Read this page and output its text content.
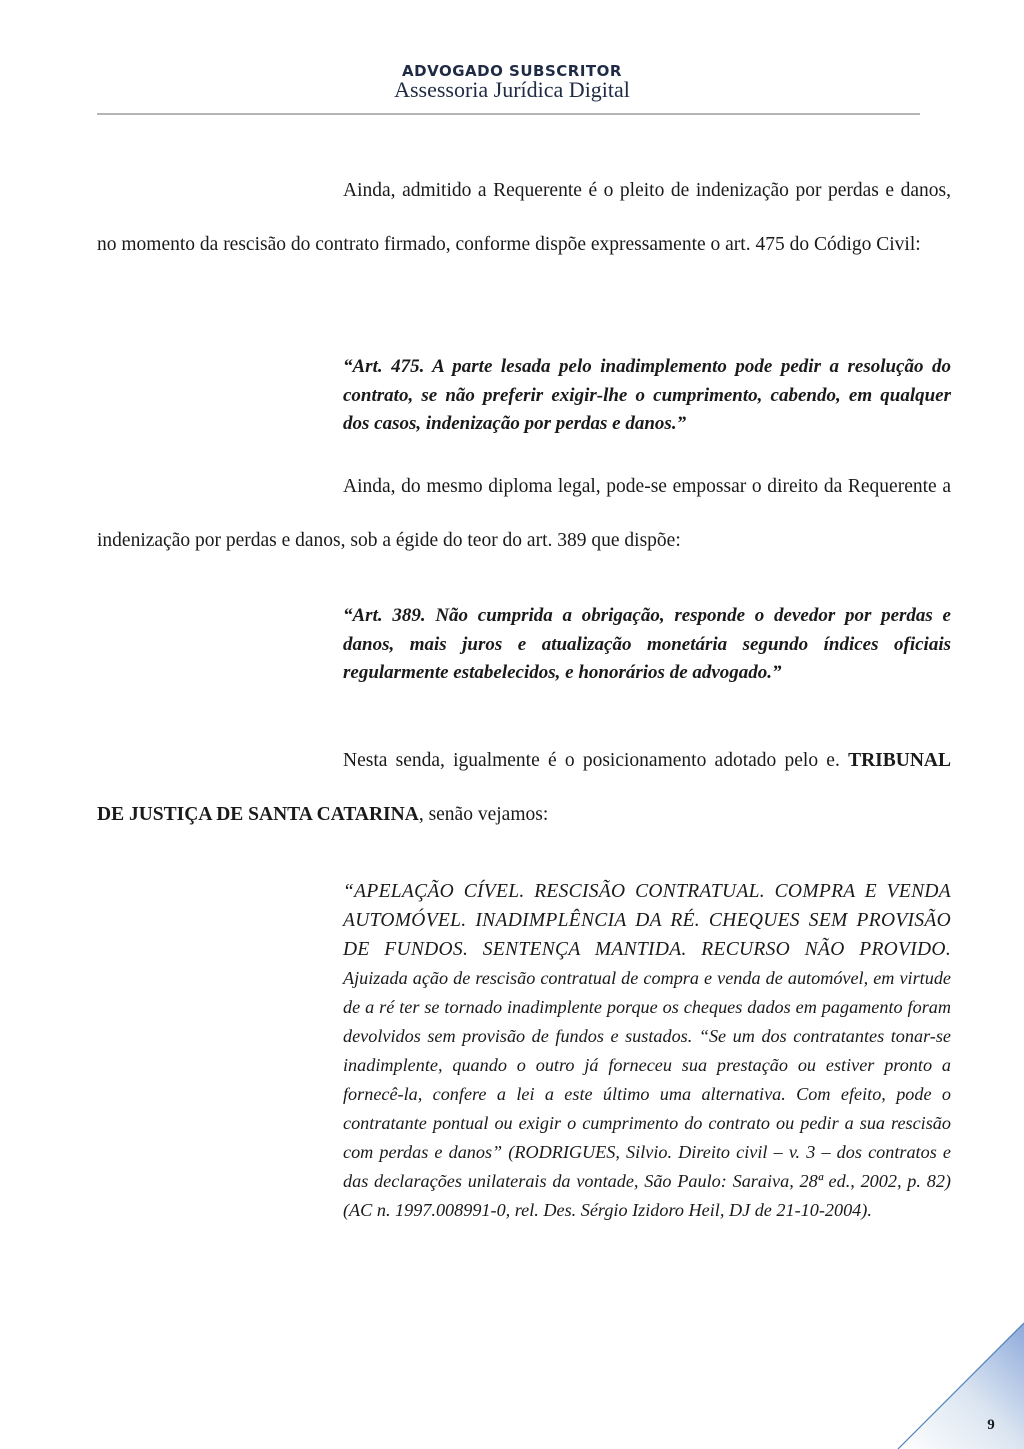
ADVOGADO SUBSCRITOR
Assessoria Jurídica Digital

Ainda, admitido a Requerente é o pleito de indenização por perdas e danos, no momento da rescisão do contrato firmado, conforme dispõe expressamente o art. 475 do Código Civil:

“Art. 475. A parte lesada pelo inadimplemento pode pedir a resolução do contrato, se não preferir exigir-lhe o cumprimento, cabendo, em qualquer dos casos, indenização por perdas e danos.”

Ainda, do mesmo diploma legal, pode-se empossar o direito da Requerente a indenização por perdas e danos, sob a égide do teor do art. 389 que dispõe:

“Art. 389. Não cumprida a obrigação, responde o devedor por perdas e danos, mais juros e atualização monetária segundo índices oficiais regularmente estabelecidos, e honorários de advogado.”

Nesta senda, igualmente é o posicionamento adotado pelo e. TRIBUNAL DE JUSTIÇA DE SANTA CATARINA, senão vejamos:

“APELAÇÃO CÍVEL. RESCISÃO CONTRATUAL. COMPRA E VENDA AUTOMÓVEL. INADIMPLÊNCIA DA RÉ. CHEQUES SEM PROVISÃO DE FUNDOS. SENTENÇA MANTIDA. RECURSO NÃO PROVIDO. Ajuizada ação de rescisão contratual de compra e venda de automóvel, em virtude de a ré ter se tornado inadimplente porque os cheques dados em pagamento foram devolvidos sem provisão de fundos e sustados. “Se um dos contratantes tonar-se inadimplente, quando o outro já forneceu sua prestação ou estiver pronto a fornecê-la, confere a lei a este último uma alternativa. Com efeito, pode o contratante pontual ou exigir o cumprimento do contrato ou pedir a sua rescisão com perdas e danos” (RODRIGUES, Silvio. Direito civil – v. 3 – dos contratos e das declarações unilaterais da vontade, São Paulo: Saraiva, 28ª ed., 2002, p. 82) (AC n. 1997.008991-0, rel. Des. Sérgio Izidoro Heil, DJ de 21-10-2004).

9
